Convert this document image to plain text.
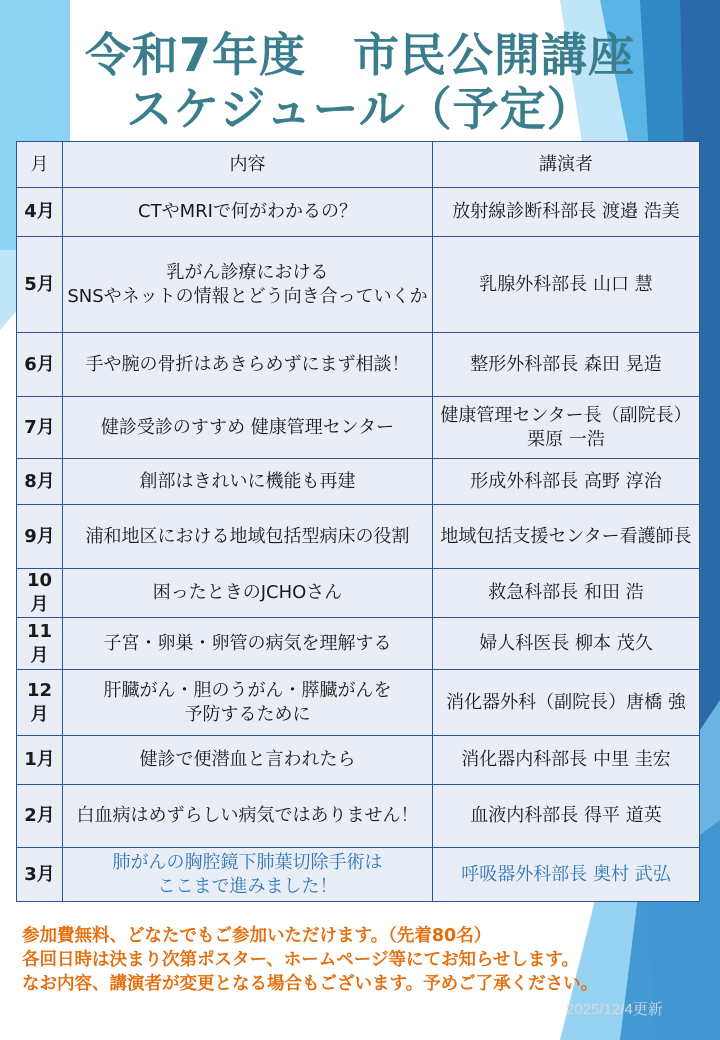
令和7年度　市民公開講座
スケジュール（予定）
月	内容	講演者
4月	CTやMRIで何がわかるの？	放射線診断科部長 渡邉 浩美
5月	乳がん診療における
SNSやネットの情報とどう向き合っていくか	乳腺外科部長 山口 慧
6月	手や腕の骨折はあきらめずにまず相談！	整形外科部長 森田 晃造
7月	健診受診のすすめ 健康管理センター	健康管理センター長（副院長）
栗原 一浩
8月	創部はきれいに機能も再建	形成外科部長 高野 淳治
9月	浦和地区における地域包括型病床の役割	地域包括支援センター看護師長
10月	困ったときのJCHOさん	救急科部長 和田 浩
11月	子宮・卵巣・卵管の病気を理解する	婦人科医長 柳本 茂久
12月	肝臓がん・胆のうがん・膵臓がんを
予防するために	消化器外科（副院長）唐橋 強
1月	健診で便潜血と言われたら	消化器内科部長 中里 圭宏
2月	白血病はめずらしい病気ではありません！	血液内科部長 得平 道英
3月	肺がんの胸腔鏡下肺葉切除手術は
ここまで進みました！	呼吸器外科部長 奥村 武弘
参加費無料、どなたでもご参加いただけます。（先着80名）
各回日時は決まり次第ポスター、ホームページ等にてお知らせします。
なお内容、講演者が変更となる場合もございます。予めご了承ください。
2025/12/4更新
